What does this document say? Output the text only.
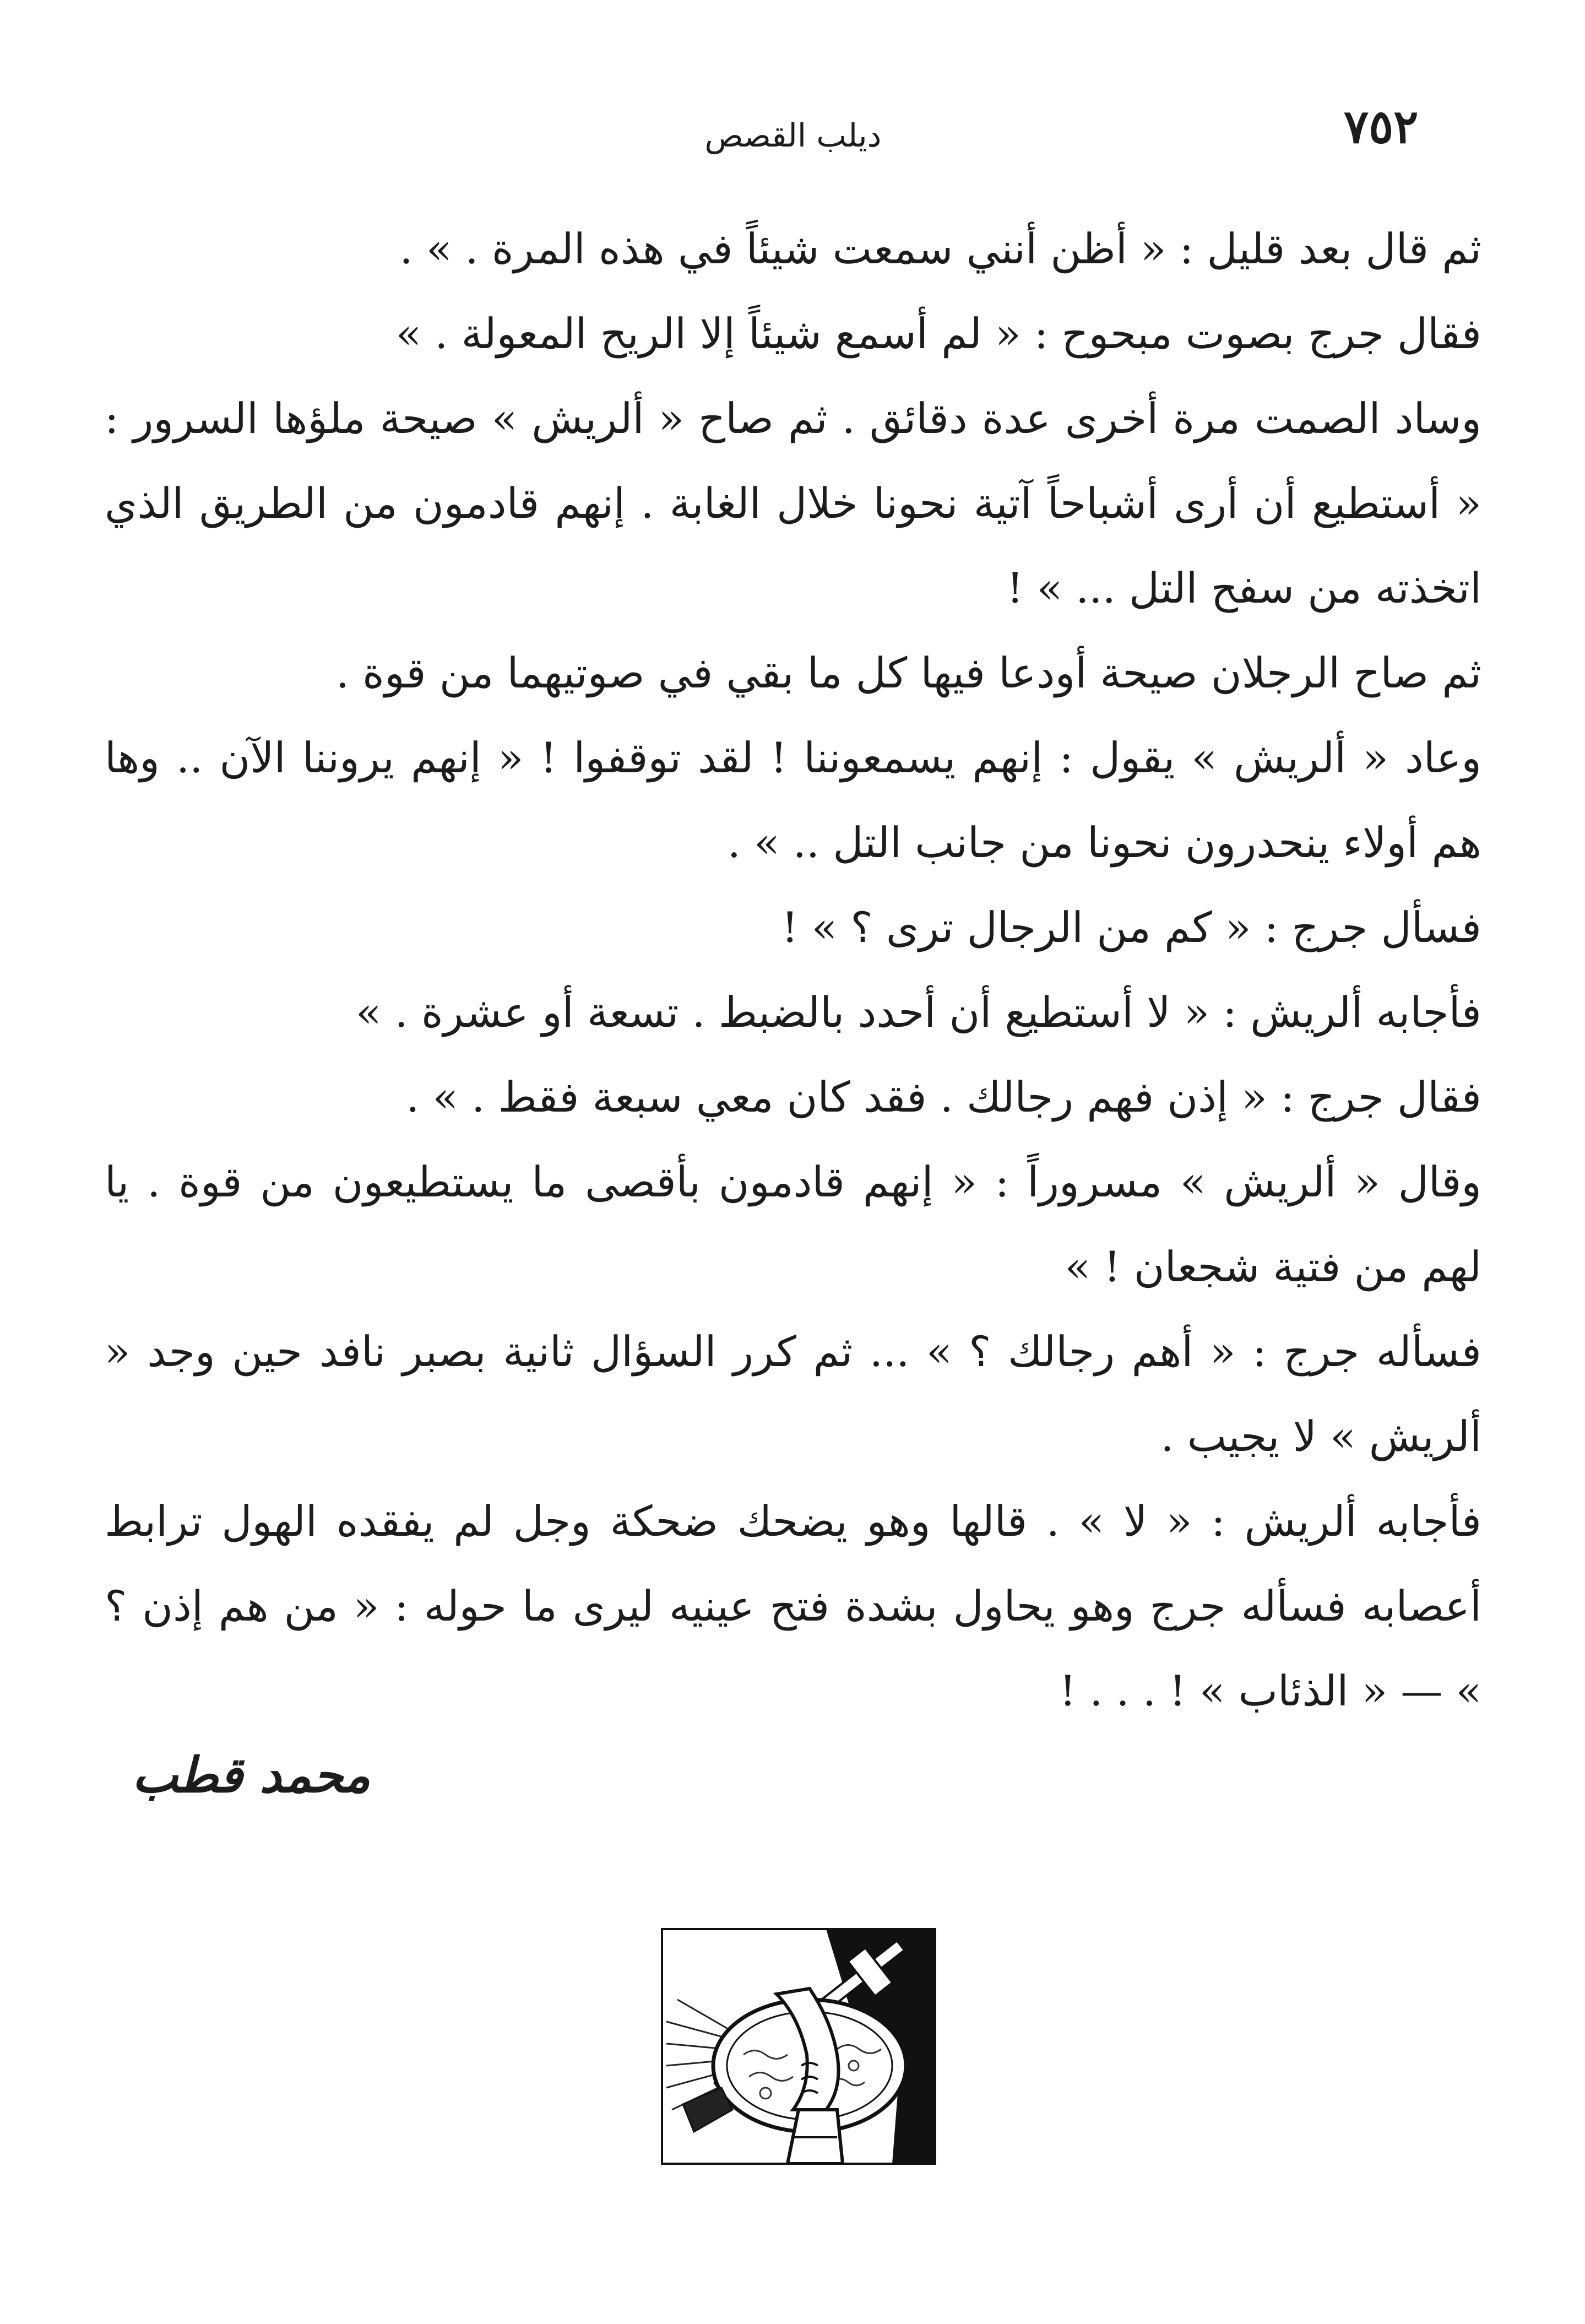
٧٥٢
ديلب القصص

ثم قال بعد قليل : « أظن أنني سمعت شيئاً في هذه المرة . » .

فقال جرج بصوت مبحوح : « لم أسمع شيئاً إلا الريح المعولة . »

وساد الصمت مرة أخرى عدة دقائق . ثم صاح « ألريش » صيحة ملؤها السرور : « أستطيع أن أرى أشباحاً آتية نحونا خلال الغابة . إنهم قادمون من الطريق الذي اتخذته من سفح التل ... » !

ثم صاح الرجلان صيحة أودعا فيها كل ما بقي في صوتيهما من قوة .

وعاد « ألريش » يقول : إنهم يسمعوننا ! لقد توقفوا ! « إنهم يروننا الآن .. وها هم أولاء ينحدرون نحونا من جانب التل .. » .

فسأل جرج : « كم من الرجال ترى ؟ » !

فأجابه ألريش : « لا أستطيع أن أحدد بالضبط . تسعة أو عشرة . »

فقال جرج : « إذن فهم رجالك . فقد كان معي سبعة فقط . » .

وقال « ألريش » مسروراً : « إنهم قادمون بأقصى ما يستطيعون من قوة . يا لهم من فتية شجعان ! »

فسأله جرج : « أهم رجالك ؟ » ... ثم كرر السؤال ثانية بصبر نافد حين وجد « ألريش » لا يجيب .

فأجابه ألريش : « لا » . قالها وهو يضحك ضحكة وجل لم يفقده الهول ترابط أعصابه فسأله جرج وهو يحاول بشدة فتح عينيه ليرى ما حوله : « من هم إذن ؟ » — « الذئاب » ! . . . !

محمد قطب
